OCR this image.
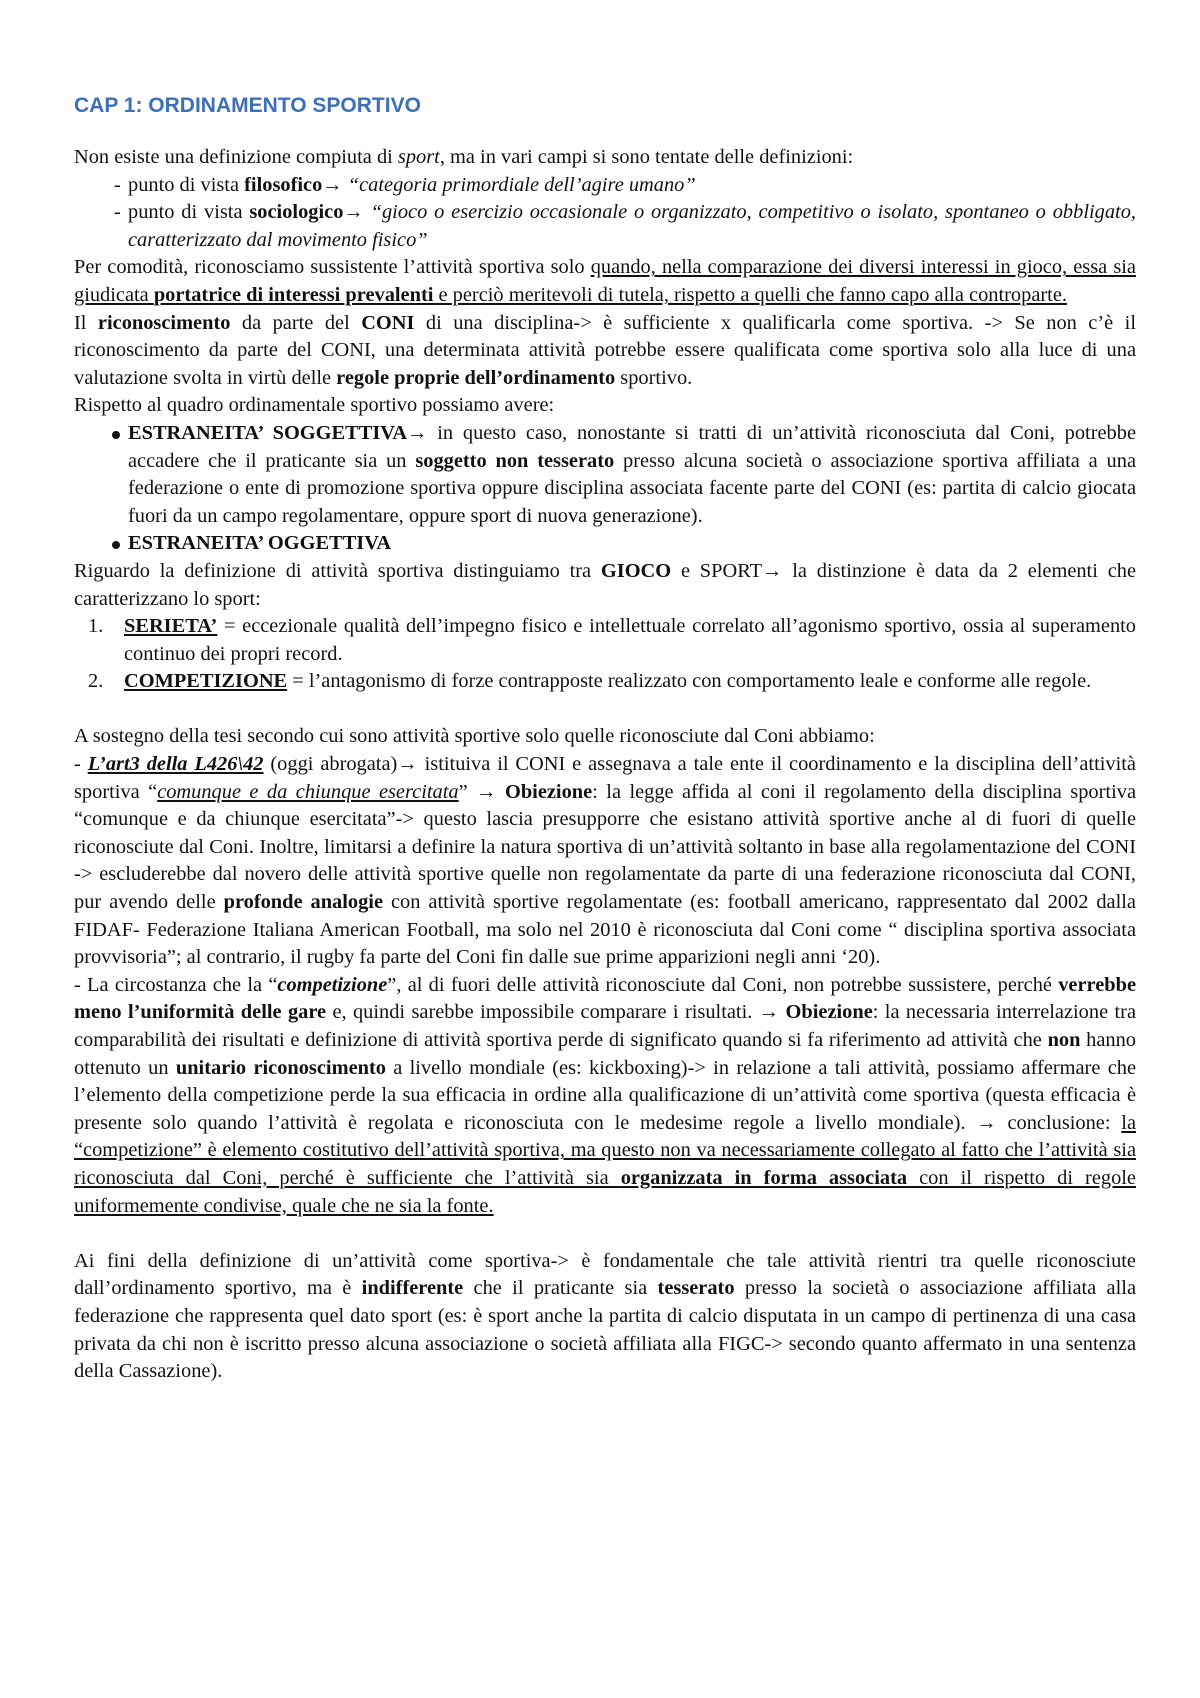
CAP 1: ORDINAMENTO SPORTIVO

Non esiste una definizione compiuta di sport, ma in vari campi si sono tentate delle definizioni:

- punto di vista filosofico→ “categoria primordiale dell’agire umano”
- punto di vista sociologico→ “gioco o esercizio occasionale o organizzato, competitivo o isolato, spontaneo o obbligato, caratterizzato dal movimento fisico”

Per comodità, riconosciamo sussistente l’attività sportiva solo quando, nella comparazione dei diversi interessi in gioco, essa sia giudicata portatrice di interessi prevalenti e perciò meritevoli di tutela, rispetto a quelli che fanno capo alla controparte.

Il riconoscimento da parte del CONI di una disciplina-> è sufficiente x qualificarla come sportiva. -> Se non c’è il riconoscimento da parte del CONI, una determinata attività potrebbe essere qualificata come sportiva solo alla luce di una valutazione svolta in virtù delle regole proprie dell’ordinamento sportivo.

Rispetto al quadro ordinamentale sportivo possiamo avere:

ESTRANEITA’ SOGGETTIVA→ in questo caso, nonostante si tratti di un’attività riconosciuta dal Coni, potrebbe accadere che il praticante sia un soggetto non tesserato presso alcuna società o associazione sportiva affiliata a una federazione o ente di promozione sportiva oppure disciplina associata facente parte del CONI (es: partita di calcio giocata fuori da un campo regolamentare, oppure sport di nuova generazione).
ESTRANEITA’ OGGETTIVA

Riguardo la definizione di attività sportiva distinguiamo tra GIOCO e SPORT→ la distinzione è data da 2 elementi che caratterizzano lo sport:

1.	SERIETA’ = eccezionale qualità dell’impegno fisico e intellettuale correlato all’agonismo sportivo, ossia al superamento continuo dei propri record.
2.	COMPETIZIONE = l’antagonismo di forze contrapposte realizzato con comportamento leale e conforme alle regole.

A sostegno della tesi secondo cui sono attività sportive solo quelle riconosciute dal Coni abbiamo:

- L’art3 della L426\42 (oggi abrogata)→ istituiva il CONI e assegnava a tale ente il coordinamento e la disciplina dell’attività sportiva “comunque e da chiunque esercitata” → Obiezione: la legge affida al coni il regolamento della disciplina sportiva “comunque e da chiunque esercitata”-> questo lascia presupporre che esistano attività sportive anche al di fuori di quelle riconosciute dal Coni. Inoltre, limitarsi a definire la natura sportiva di un’attività soltanto in base alla regolamentazione del CONI -> escluderebbe dal novero delle attività sportive quelle non regolamentate da parte di una federazione riconosciuta dal CONI, pur avendo delle profonde analogie con attività sportive regolamentate (es: football americano, rappresentato dal 2002 dalla FIDAF- Federazione Italiana American Football, ma solo nel 2010 è riconosciuta dal Coni come “ disciplina sportiva associata provvisoria”; al contrario, il rugby fa parte del Coni fin dalle sue prime apparizioni negli anni ‘20).

- La circostanza che la “competizione”, al di fuori delle attività riconosciute dal Coni, non potrebbe sussistere, perché verrebbe meno l’uniformità delle gare e, quindi sarebbe impossibile comparare i risultati. → Obiezione: la necessaria interrelazione tra comparabilità dei risultati e definizione di attività sportiva perde di significato quando si fa riferimento ad attività che non hanno ottenuto un unitario riconoscimento a livello mondiale (es: kickboxing)-> in relazione a tali attività, possiamo affermare che l’elemento della competizione perde la sua efficacia in ordine alla qualificazione di un’attività come sportiva (questa efficacia è presente solo quando l’attività è regolata e riconosciuta con le medesime regole a livello mondiale). → conclusione: la “competizione” è elemento costitutivo dell’attività sportiva, ma questo non va necessariamente collegato al fatto che l’attività sia riconosciuta dal Coni, perché è sufficiente che l’attività sia organizzata in forma associata con il rispetto di regole uniformemente condivise, quale che ne sia la fonte.

Ai fini della definizione di un’attività come sportiva-> è fondamentale che tale attività rientri tra quelle riconosciute dall’ordinamento sportivo, ma è indifferente che il praticante sia tesserato presso la società o associazione affiliata alla federazione che rappresenta quel dato sport (es: è sport anche la partita di calcio disputata in un campo di pertinenza di una casa privata da chi non è iscritto presso alcuna associazione o società affiliata alla FIGC-> secondo quanto affermato in una sentenza della Cassazione).
